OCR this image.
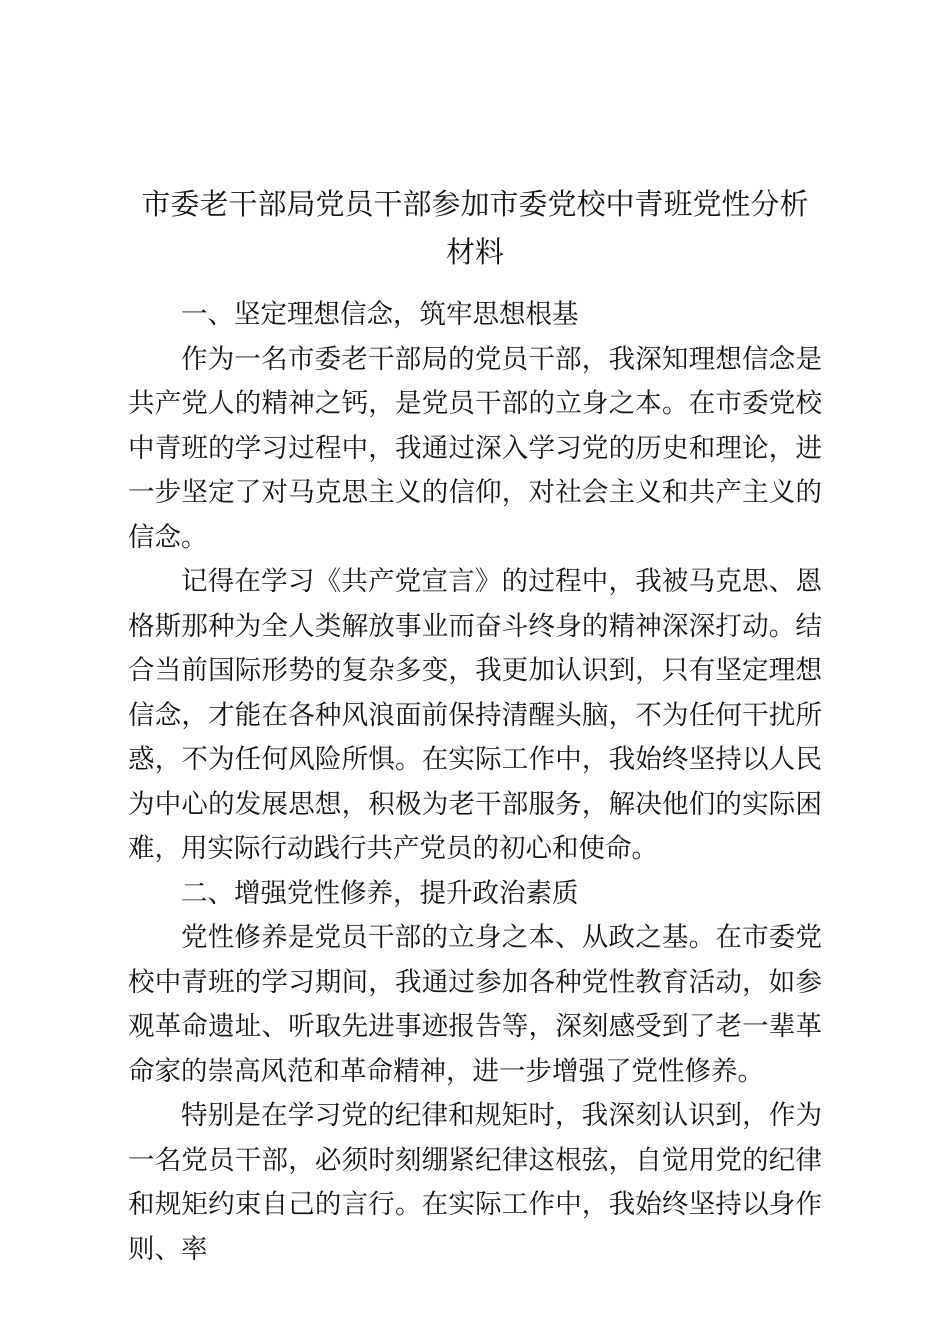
市委老干部局党员干部参加市委党校中青班党性分析材料

一、坚定理想信念，筑牢思想根基

作为一名市委老干部局的党员干部，我深知理想信念是共产党人的精神之钙，是党员干部的立身之本。在市委党校中青班的学习过程中，我通过深入学习党的历史和理论，进一步坚定了对马克思主义的信仰，对社会主义和共产主义的信念。

记得在学习《共产党宣言》的过程中，我被马克思、恩格斯那种为全人类解放事业而奋斗终身的精神深深打动。结合当前国际形势的复杂多变，我更加认识到，只有坚定理想信念，才能在各种风浪面前保持清醒头脑，不为任何干扰所惑，不为任何风险所惧。在实际工作中，我始终坚持以人民为中心的发展思想，积极为老干部服务，解决他们的实际困难，用实际行动践行共产党员的初心和使命。

二、增强党性修养，提升政治素质

党性修养是党员干部的立身之本、从政之基。在市委党校中青班的学习期间，我通过参加各种党性教育活动，如参观革命遗址、听取先进事迹报告等，深刻感受到了老一辈革命家的崇高风范和革命精神，进一步增强了党性修养。

特别是在学习党的纪律和规矩时，我深刻认识到，作为一名党员干部，必须时刻绷紧纪律这根弦，自觉用党的纪律和规矩约束自己的言行。在实际工作中，我始终坚持以身作则、率
